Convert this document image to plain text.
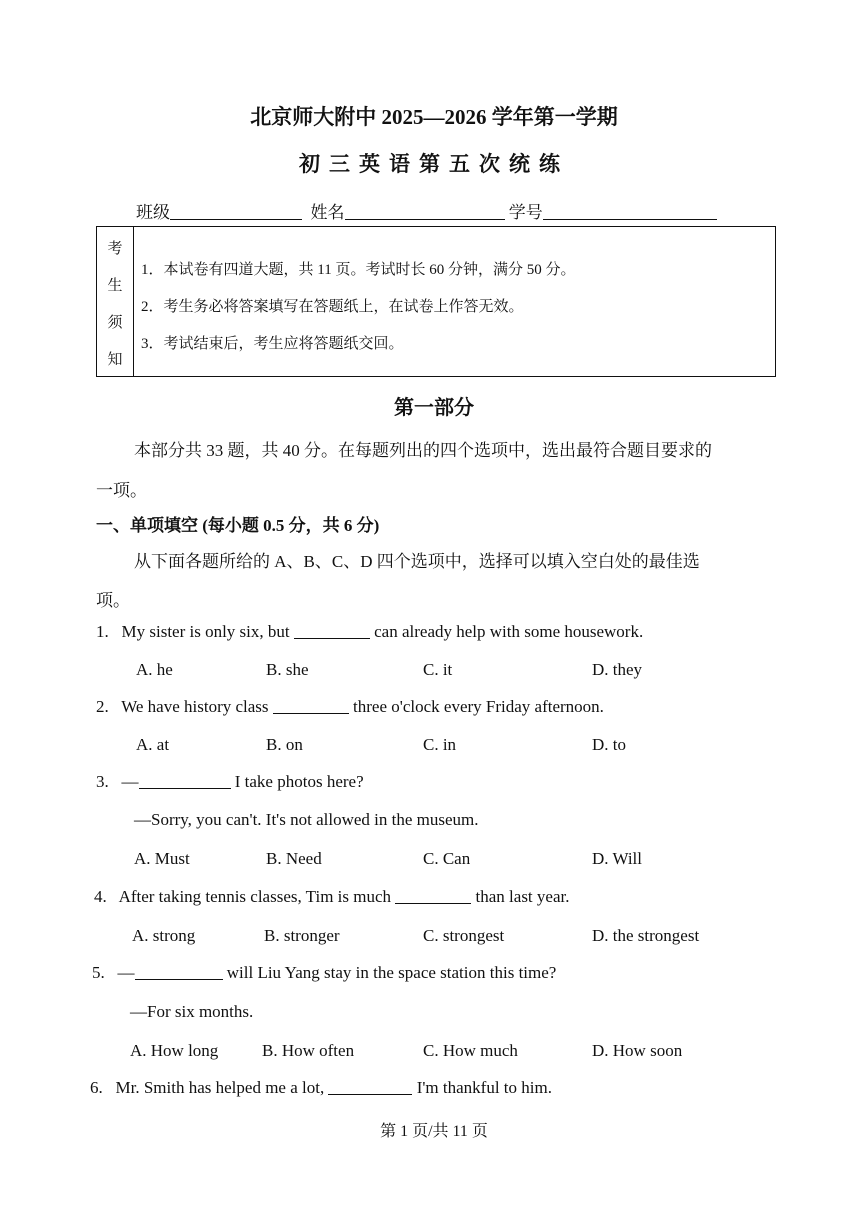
北京师大附中 2025—2026 学年第一学期
初三英语第五次统练
班级	姓名	学号
考
生
须
知
1．本试卷有四道大题，共 11 页。考试时长 60 分钟，满分 50 分。
2．考生务必将答案填写在答题纸上，在试卷上作答无效。
3．考试结束后，考生应将答题纸交回。
第一部分
本部分共 33 题，共 40 分。在每题列出的四个选项中，选出最符合题目要求的
一项。
一、单项填空 (每小题 0.5 分，共 6 分)
从下面各题所给的 A、B、C、D 四个选项中，选择可以填入空白处的最佳选
项。
1. My sister is only six, but	can already help with some housework.
A. he	B. she	C. it	D. they
2. We have history class	three o'clock every Friday afternoon.
A. at	B. on	C. in	D. to
3. —	I take photos here?
—Sorry, you can't. It's not allowed in the museum.
A. Must	B. Need	C. Can	D. Will
4. After taking tennis classes, Tim is much	than last year.
A. strong	B. stronger	C. strongest	D. the strongest
5. —	will Liu Yang stay in the space station this time?
—For six months.
A. How long	B. How often	C. How much	D. How soon
6. Mr. Smith has helped me a lot,	I'm thankful to him.
第 1 页/共 11 页
